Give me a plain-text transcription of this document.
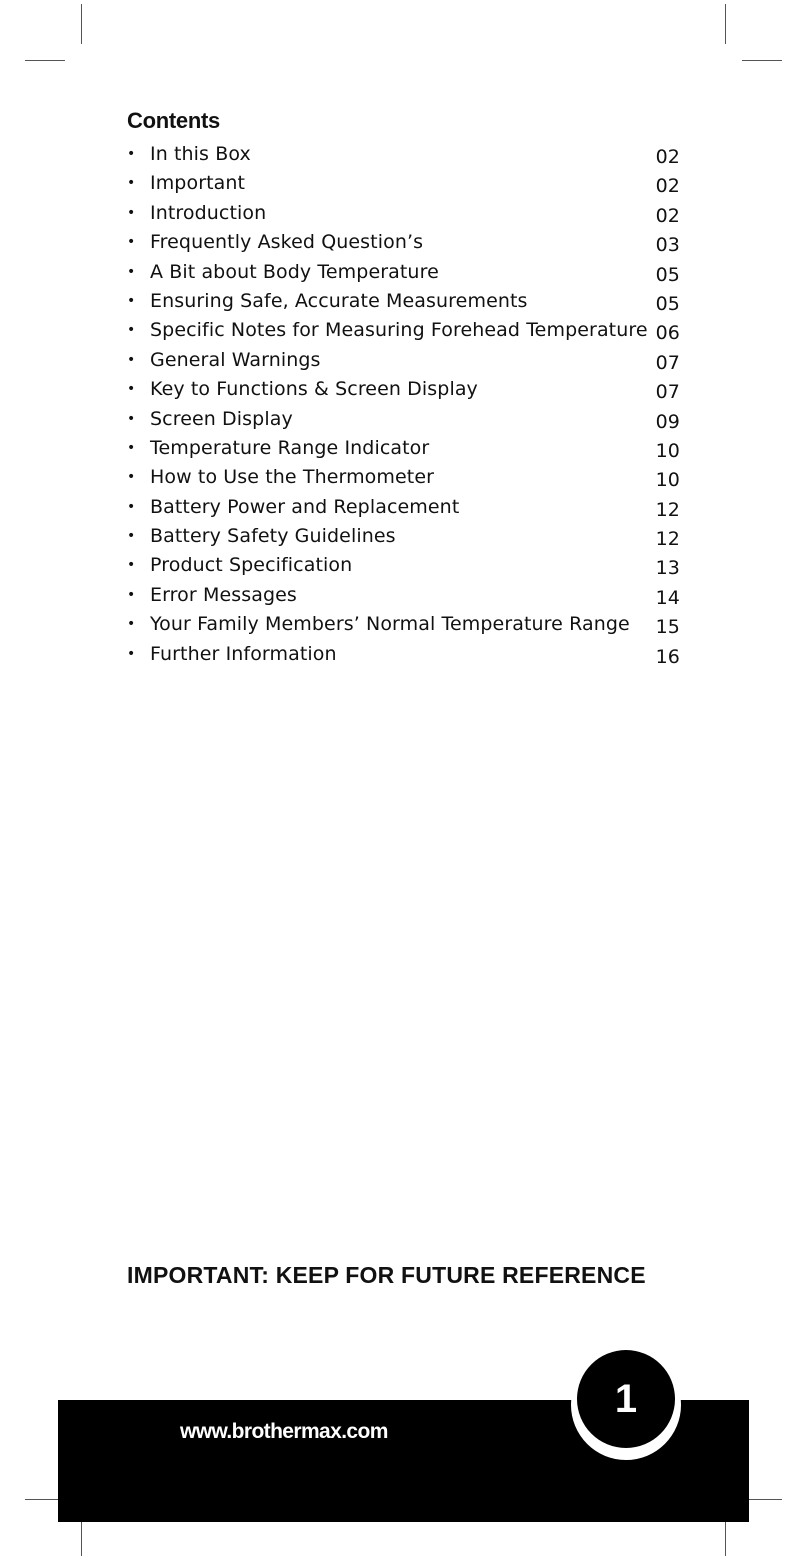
Contents
• In this Box	02
• Important	02
• Introduction	02
• Frequently Asked Question’s	03
• A Bit about Body Temperature	05
• Ensuring Safe, Accurate Measurements	05
• Specific Notes for Measuring Forehead Temperature 06
• General Warnings	07
• Key to Functions & Screen Display	07
• Screen Display	09
• Temperature Range Indicator	10
• How to Use the Thermometer	10
• Battery Power and Replacement	12
• Battery Safety Guidelines	12
• Product Specification	13
• Error Messages	14
• Your Family Members’ Normal Temperature Range 15
• Further Information	16
IMPORTANT: KEEP FOR FUTURE REFERENCE
www.brothermax.com
1
